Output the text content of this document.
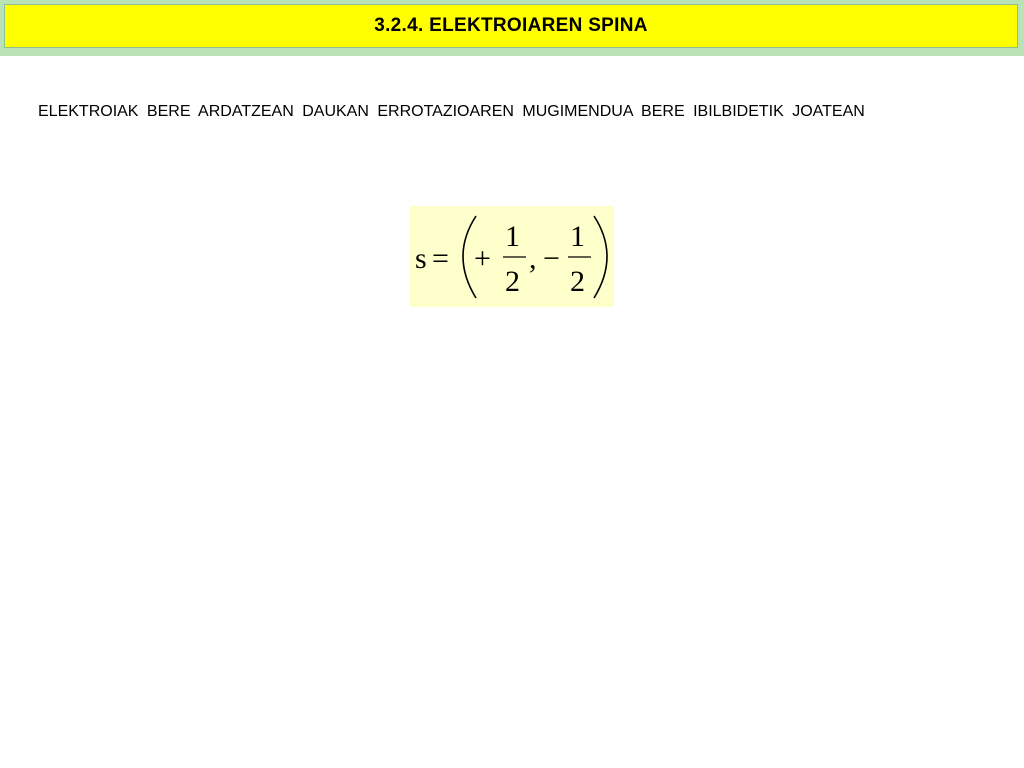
3.2.4. ELEKTROIAREN SPINA
ELEKTROIAK BERE ARDATZEAN DAUKAN ERROTAZIOAREN MUGIMENDUA BERE IBILBIDETIK JOATEAN
s = +
1
2
, −
1
2
